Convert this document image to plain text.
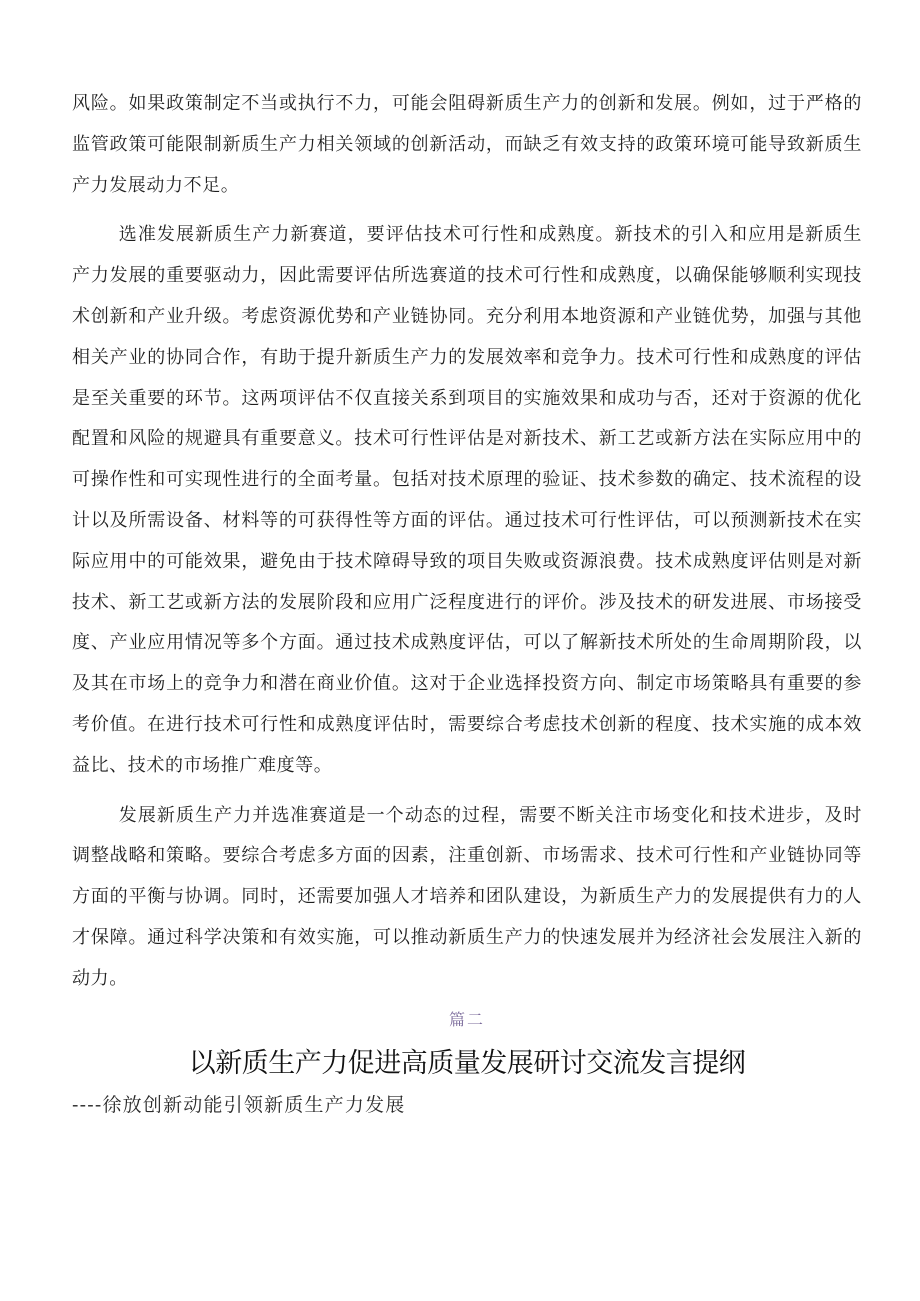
风险。如果政策制定不当或执行不力，可能会阻碍新质生产力的创新和发展。例如，过于严格的监管政策可能限制新质生产力相关领域的创新活动，而缺乏有效支持的政策环境可能导致新质生产力发展动力不足。

选准发展新质生产力新赛道，要评估技术可行性和成熟度。新技术的引入和应用是新质生产力发展的重要驱动力，因此需要评估所选赛道的技术可行性和成熟度，以确保能够顺利实现技术创新和产业升级。考虑资源优势和产业链协同。充分利用本地资源和产业链优势，加强与其他相关产业的协同合作，有助于提升新质生产力的发展效率和竞争力。技术可行性和成熟度的评估是至关重要的环节。这两项评估不仅直接关系到项目的实施效果和成功与否，还对于资源的优化配置和风险的规避具有重要意义。技术可行性评估是对新技术、新工艺或新方法在实际应用中的可操作性和可实现性进行的全面考量。包括对技术原理的验证、技术参数的确定、技术流程的设计以及所需设备、材料等的可获得性等方面的评估。通过技术可行性评估，可以预测新技术在实际应用中的可能效果，避免由于技术障碍导致的项目失败或资源浪费。技术成熟度评估则是对新技术、新工艺或新方法的发展阶段和应用广泛程度进行的评价。涉及技术的研发进展、市场接受度、产业应用情况等多个方面。通过技术成熟度评估，可以了解新技术所处的生命周期阶段，以及其在市场上的竞争力和潜在商业价值。这对于企业选择投资方向、制定市场策略具有重要的参考价值。在进行技术可行性和成熟度评估时，需要综合考虑技术创新的程度、技术实施的成本效益比、技术的市场推广难度等。

发展新质生产力并选准赛道是一个动态的过程，需要不断关注市场变化和技术进步，及时调整战略和策略。要综合考虑多方面的因素，注重创新、市场需求、技术可行性和产业链协同等方面的平衡与协调。同时，还需要加强人才培养和团队建设，为新质生产力的发展提供有力的人才保障。通过科学决策和有效实施，可以推动新质生产力的快速发展并为经济社会发展注入新的动力。

篇二
以新质生产力促进高质量发展研讨交流发言提纲
----徐放创新动能引领新质生产力发展
